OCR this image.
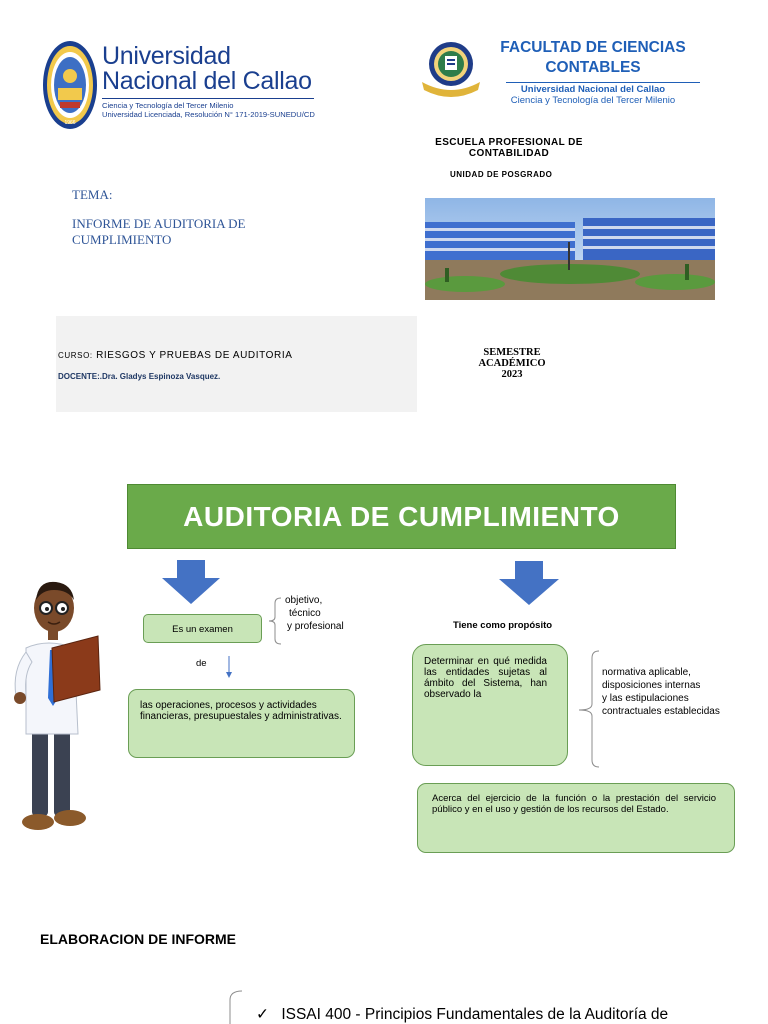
1966
Universidad
Nacional del Callao
Ciencia y Tecnología del Tercer Milenio
Universidad Licenciada, Resolución N° 171-2019-SUNEDU/CD
FACULTAD DE CIENCIAS
CONTABLES
Universidad Nacional del Callao
Ciencia y Tecnología del Tercer Milenio
ESCUELA PROFESIONAL DE CONTABILIDAD
UNIDAD DE POSGRADO
TEMA:
INFORME DE AUDITORIA DE CUMPLIMIENTO
CURSO: RIESGOS Y PRUEBAS DE AUDITORIA
DOCENTE:.Dra. Gladys Espinoza Vasquez.
SEMESTRE
ACADÉMICO
2023
AUDITORIA DE CUMPLIMIENTO
Es un examen
objetivo,
técnico
y profesional
de
las operaciones, procesos y actividades financieras, presupuestales y administrativas.
Tiene como propósito
Determinar en qué medida las entidades sujetas al ámbito del Sistema, han observado la
normativa aplicable,
disposiciones internas
y las estipulaciones
contractuales establecidas
Acerca del ejercicio de la función o la prestación del servicio público y en el uso y gestión de los recursos del Estado.
ELABORACION DE INFORME
✓ ISSAI 400 - Principios Fundamentales de la Auditoría de
